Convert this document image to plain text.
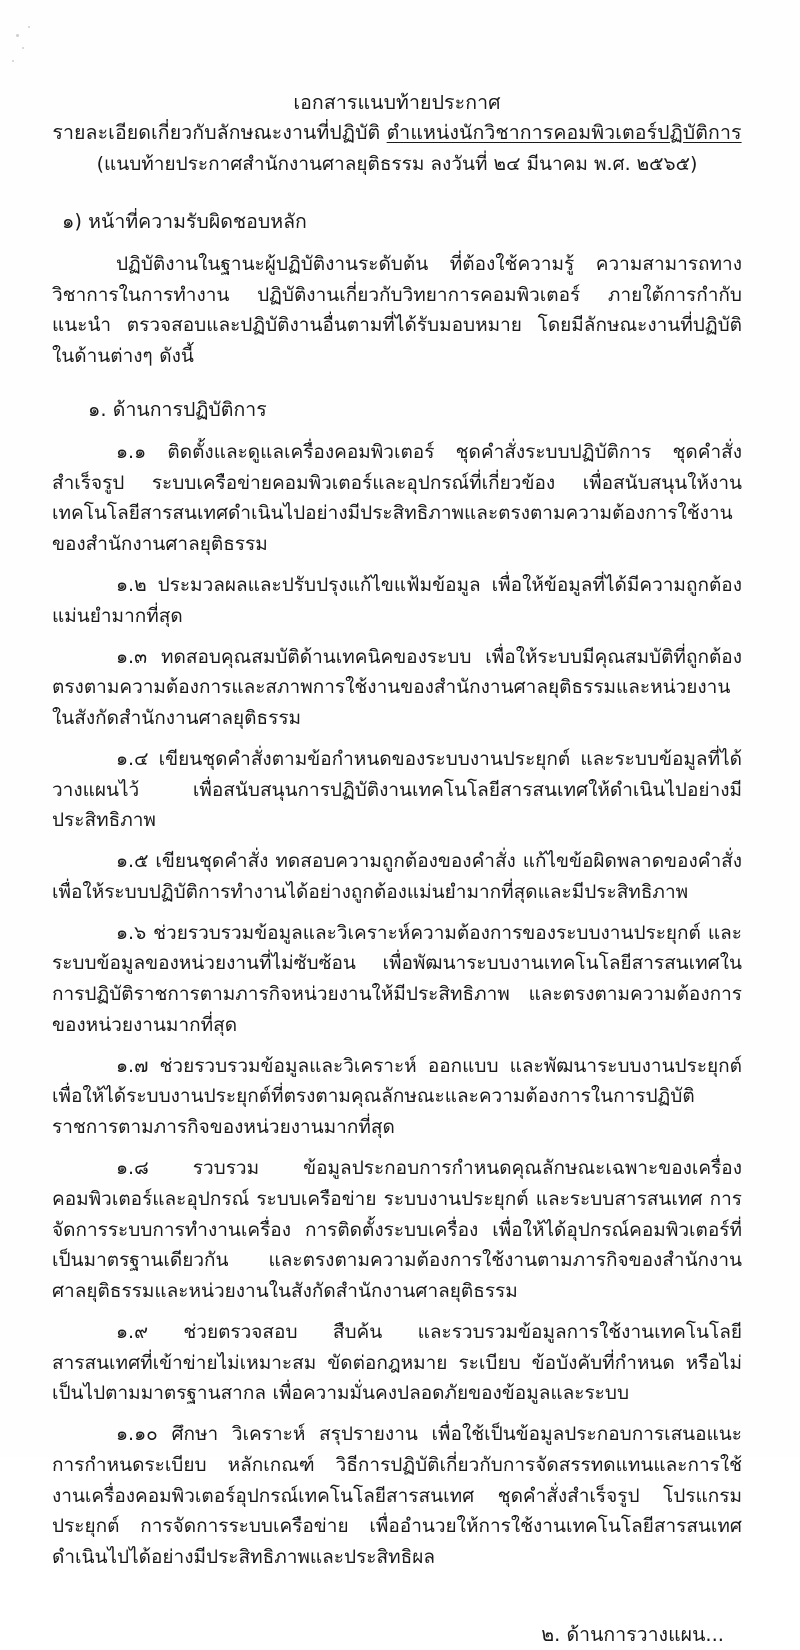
เอกสารแนบท้ายประกาศ
รายละเอียดเกี่ยวกับลักษณะงานที่ปฏิบัติ ตำแหน่งนักวิชาการคอมพิวเตอร์ปฏิบัติการ
(แนบท้ายประกาศสำนักงานศาลยุติธรรม ลงวันที่ ๒๔ มีนาคม พ.ศ. ๒๕๖๕)
๑) หน้าที่ความรับผิดชอบหลัก

ปฏิบัติงานในฐานะผู้ปฏิบัติงานระดับต้น ที่ต้องใช้ความรู้ ความสามารถทางวิชาการในการทำงาน ปฏิบัติงานเกี่ยวกับวิทยาการคอมพิวเตอร์ ภายใต้การกำกับ แนะนำ ตรวจสอบและปฏิบัติงานอื่นตามที่ได้รับมอบหมาย โดยมีลักษณะงานที่ปฏิบัติในด้านต่างๆ ดังนี้

๑. ด้านการปฏิบัติการ

๑.๑ ติดตั้งและดูแลเครื่องคอมพิวเตอร์ ชุดคำสั่งระบบปฏิบัติการ ชุดคำสั่งสำเร็จรูป ระบบเครือข่ายคอมพิวเตอร์และอุปกรณ์ที่เกี่ยวข้อง เพื่อสนับสนุนให้งานเทคโนโลยีสารสนเทศดำเนินไปอย่างมีประสิทธิภาพและตรงตามความต้องการใช้งานของสำนักงานศาลยุติธรรม

๑.๒ ประมวลผลและปรับปรุงแก้ไขแฟ้มข้อมูล เพื่อให้ข้อมูลที่ได้มีความถูกต้องแม่นยำมากที่สุด

๑.๓ ทดสอบคุณสมบัติด้านเทคนิคของระบบ เพื่อให้ระบบมีคุณสมบัติที่ถูกต้องตรงตามความต้องการและสภาพการใช้งานของสำนักงานศาลยุติธรรมและหน่วยงานในสังกัดสำนักงานศาลยุติธรรม

๑.๔ เขียนชุดคำสั่งตามข้อกำหนดของระบบงานประยุกต์ และระบบข้อมูลที่ได้วางแผนไว้ เพื่อสนับสนุนการปฏิบัติงานเทคโนโลยีสารสนเทศให้ดำเนินไปอย่างมีประสิทธิภาพ

๑.๕ เขียนชุดคำสั่ง ทดสอบความถูกต้องของคำสั่ง แก้ไขข้อผิดพลาดของคำสั่ง เพื่อให้ระบบปฏิบัติการทำงานได้อย่างถูกต้องแม่นยำมากที่สุดและมีประสิทธิภาพ

๑.๖ ช่วยรวบรวมข้อมูลและวิเคราะห์ความต้องการของระบบงานประยุกต์ และระบบข้อมูลของหน่วยงานที่ไม่ซับซ้อน เพื่อพัฒนาระบบงานเทคโนโลยีสารสนเทศในการปฏิบัติราชการตามภารกิจหน่วยงานให้มีประสิทธิภาพ และตรงตามความต้องการของหน่วยงานมากที่สุด

๑.๗ ช่วยรวบรวมข้อมูลและวิเคราะห์ ออกแบบ และพัฒนาระบบงานประยุกต์ เพื่อให้ได้ระบบงานประยุกต์ที่ตรงตามคุณลักษณะและความต้องการในการปฏิบัติราชการตามภารกิจของหน่วยงานมากที่สุด

๑.๘ รวบรวม ข้อมูลประกอบการกำหนดคุณลักษณะเฉพาะของเครื่องคอมพิวเตอร์และอุปกรณ์ ระบบเครือข่าย ระบบงานประยุกต์ และระบบสารสนเทศ การจัดการระบบการทำงานเครื่อง การติดตั้งระบบเครื่อง เพื่อให้ได้อุปกรณ์คอมพิวเตอร์ที่เป็นมาตรฐานเดียวกัน และตรงตามความต้องการใช้งานตามภารกิจของสำนักงานศาลยุติธรรมและหน่วยงานในสังกัดสำนักงานศาลยุติธรรม

๑.๙ ช่วยตรวจสอบ สืบค้น และรวบรวมข้อมูลการใช้งานเทคโนโลยีสารสนเทศที่เข้าข่ายไม่เหมาะสม ขัดต่อกฎหมาย ระเบียบ ข้อบังคับที่กำหนด หรือไม่เป็นไปตามมาตรฐานสากล เพื่อความมั่นคงปลอดภัยของข้อมูลและระบบ

๑.๑๐ ศึกษา วิเคราะห์ สรุปรายงาน เพื่อใช้เป็นข้อมูลประกอบการเสนอแนะการกำหนดระเบียบ หลักเกณฑ์ วิธีการปฏิบัติเกี่ยวกับการจัดสรรทดแทนและการใช้งานเครื่องคอมพิวเตอร์อุปกรณ์เทคโนโลยีสารสนเทศ ชุดคำสั่งสำเร็จรูป โปรแกรมประยุกต์ การจัดการระบบเครือข่าย เพื่ออำนวยให้การใช้งานเทคโนโลยีสารสนเทศดำเนินไปได้อย่างมีประสิทธิภาพและประสิทธิผล

๒. ด้านการวางแผน...
